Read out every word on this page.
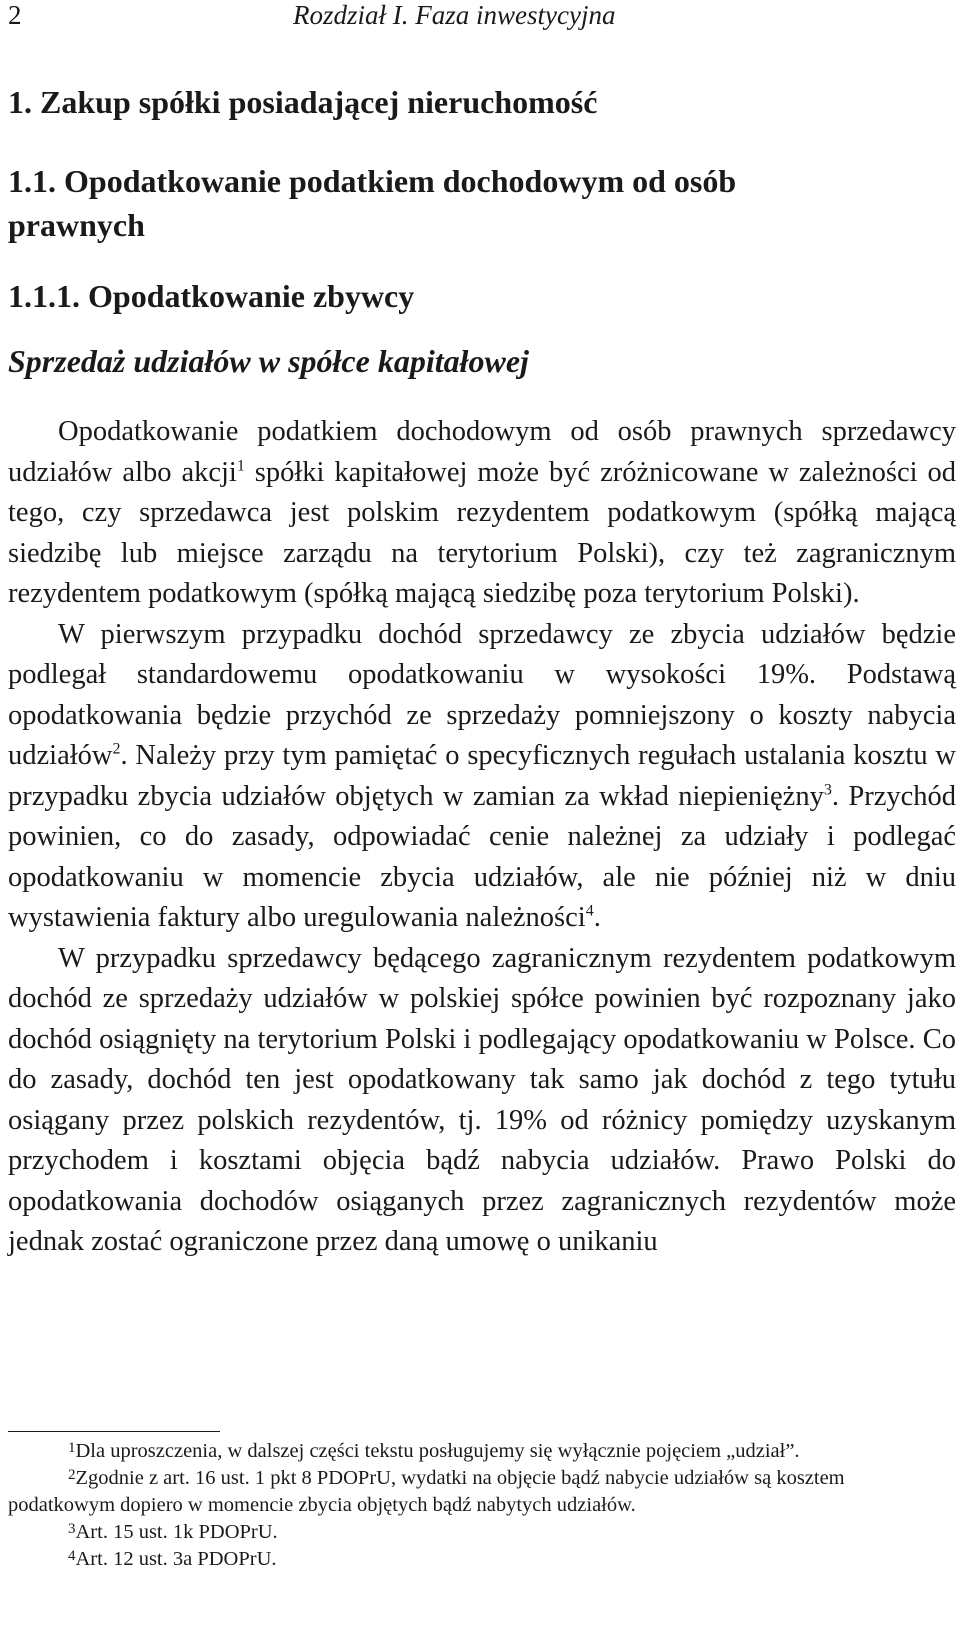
2	Rozdział I. Faza inwestycyjna
1. Zakup spółki posiadającej nieruchomość
1.1. Opodatkowanie podatkiem dochodowym od osób prawnych
1.1.1. Opodatkowanie zbywcy
Sprzedaż udziałów w spółce kapitałowej

Opodatkowanie podatkiem dochodowym od osób prawnych sprzedawcy udziałów albo akcji$^1$ spółki kapitałowej może być zróżnicowane w zależności od tego, czy sprzedawca jest polskim rezydentem podatkowym (spółką mającą siedzibę lub miejsce zarządu na terytorium Polski), czy też zagranicznym rezydentem podatkowym (spółką mającą siedzibę poza terytorium Polski).

W pierwszym przypadku dochód sprzedawcy ze zbycia udziałów będzie podlegał standardowemu opodatkowaniu w wysokości 19%. Podstawą opodatkowania będzie przychód ze sprzedaży pomniejszony o koszty nabycia udziałów$^2$. Należy przy tym pamiętać o specyficznych regułach ustalania kosztu w przypadku zbycia udziałów objętych w zamian za wkład niepieniężny$^3$. Przychód powinien, co do zasady, odpowiadać cenie należnej za udziały i podlegać opodatkowaniu w momencie zbycia udziałów, ale nie później niż w dniu wystawienia faktury albo uregulowania należności$^4$.

W przypadku sprzedawcy będącego zagranicznym rezydentem podatkowym dochód ze sprzedaży udziałów w polskiej spółce powinien być rozpoznany jako dochód osiągnięty na terytorium Polski i podlegający opodatkowaniu w Polsce. Co do zasady, dochód ten jest opodatkowany tak samo jak dochód z tego tytułu osiągany przez polskich rezydentów, tj. 19% od różnicy pomiędzy uzyskanym przychodem i kosztami objęcia bądź nabycia udziałów. Prawo Polski do opodatkowania dochodów osiąganych przez zagranicznych rezydentów może jednak zostać ograniczone przez daną umowę o unikaniu

1Dla uproszczenia, w dalszej części tekstu posługujemy się wyłącznie pojęciem „udział”.

2Zgodnie z art. 16 ust. 1 pkt 8 PDOPrU, wydatki na objęcie bądź nabycie udziałów są kosztem podatkowym dopiero w momencie zbycia objętych bądź nabytych udziałów.

3Art. 15 ust. 1k PDOPrU.

4Art. 12 ust. 3a PDOPrU.
